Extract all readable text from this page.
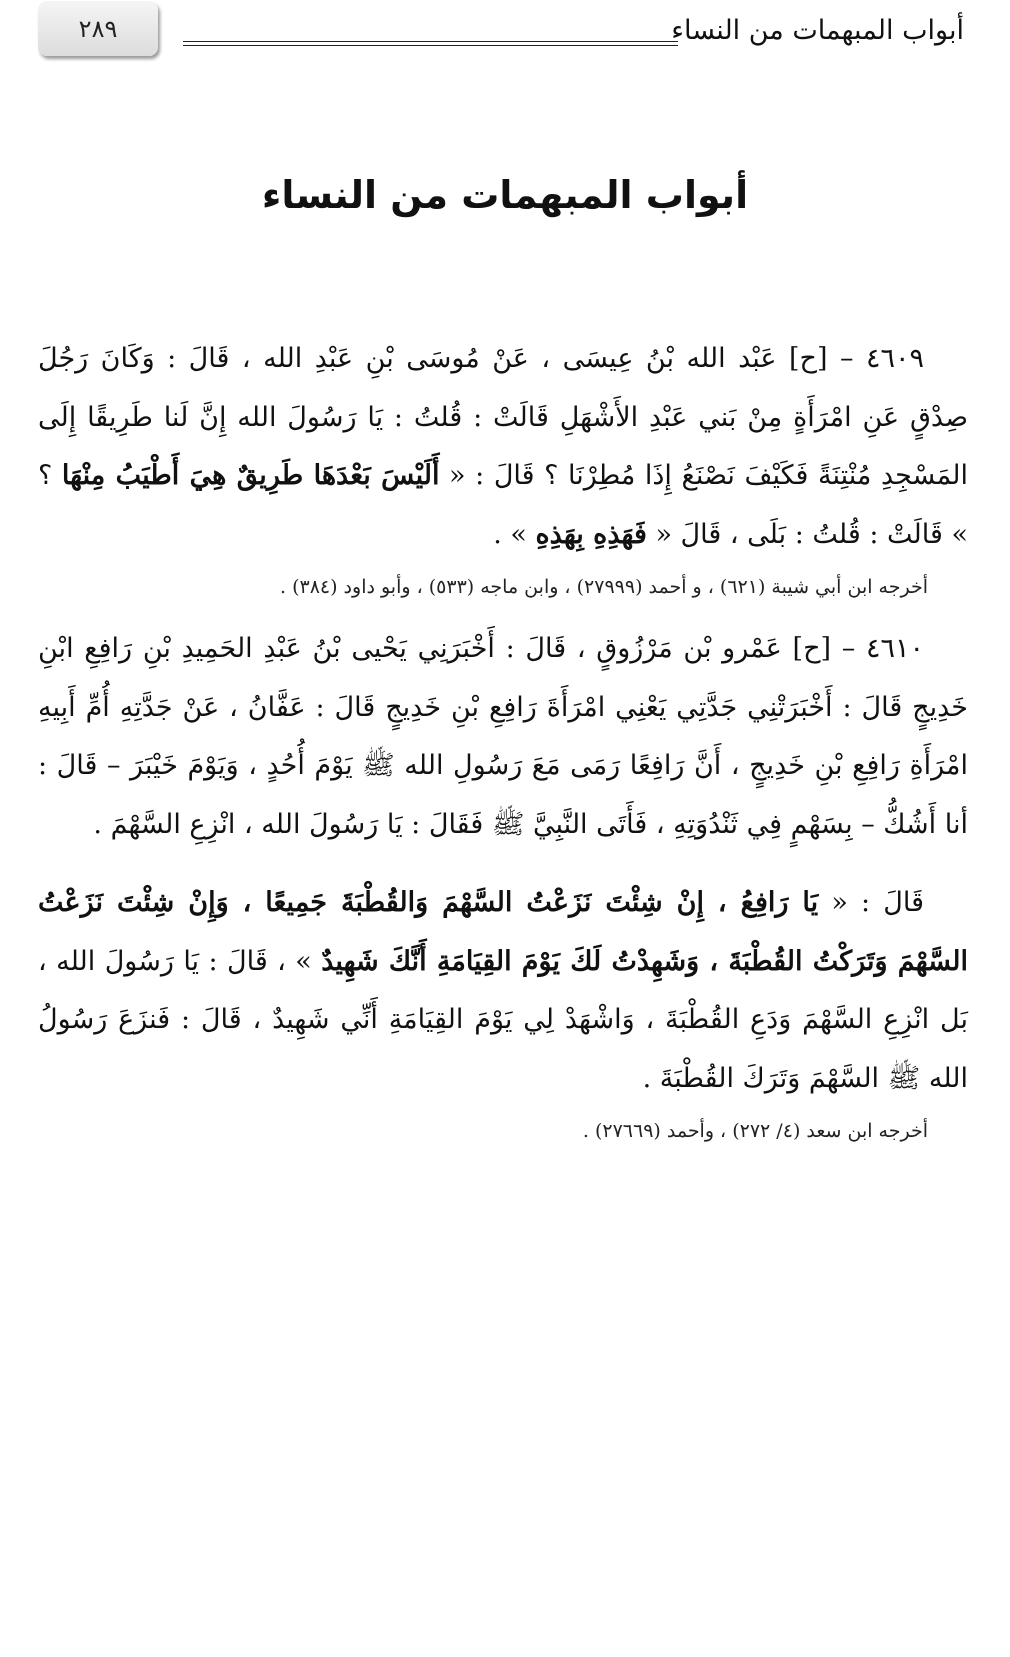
أبواب المبهمات من النساء
٢٨٩
أبواب المبهمات من النساء

٤٦٠٩ – [ح] عَبْد الله بْنُ عِيسَى ، عَنْ مُوسَى بْنِ عَبْدِ الله ، قَالَ : وَكَانَ رَجُلَ صِدْقٍ عَنِ امْرَأَةٍ مِنْ بَني عَبْدِ الأَشْهَلِ قَالَتْ : قُلتُ : يَا رَسُولَ الله إِنَّ لَنا طَرِيقًا إِلَى المَسْجِدِ مُنْتِنَةً فَكَيْفَ نَصْنَعُ إِذَا مُطِرْنَا ؟ قَالَ : « أَلَيْسَ بَعْدَهَا طَرِيقٌ هِيَ أَطْيَبُ مِنْهَا ؟ » قَالَتْ : قُلتُ : بَلَى ، قَالَ « فَهَذِهِ بِهَذِهِ » .

أخرجه ابن أبي شيبة (٦٢١) ، و أحمد (٢٧٩٩٩) ، وابن ماجه (٥٣٣) ، وأبو داود (٣٨٤) .

٤٦١٠ – [ح] عَمْرو بْن مَرْزُوقٍ ، قَالَ : أَخْبَرَنِي يَحْيى بْنُ عَبْدِ الحَمِيدِ بْنِ رَافِعِ ابْنِ خَدِيجٍ قَالَ : أَخْبَرَتْنِي جَدَّتِي يَعْنِي امْرَأَةَ رَافِعِ بْنِ خَدِيجٍ قَالَ : عَفَّانُ ، عَنْ جَدَّتِهِ أُمِّ أَبِيهِ امْرَأَةِ رَافِعِ بْنِ خَدِيجٍ ، أَنَّ رَافِعًا رَمَى مَعَ رَسُولِ الله ﷺ يَوْمَ أُحُدٍ ، وَيَوْمَ خَيْبَرَ – قَالَ : أنا أَشُكُّ – بِسَهْمٍ فِي ثَنْدُوَتِهِ ، فَأَتَى النَّبِيَّ ﷺ فَقَالَ : يَا رَسُولَ الله ، انْزِعِ السَّهْمَ .

قَالَ : « يَا رَافِعُ ، إِنْ شِئْتَ نَزَعْتُ السَّهْمَ وَالقُطْبَةَ جَمِيعًا ، وَإِنْ شِئْتَ نَزَعْتُ السَّهْمَ وَتَرَكْتُ القُطْبَةَ ، وَشَهِدْتُ لَكَ يَوْمَ القِيَامَةِ أَنَّكَ شَهِيدٌ » ، قَالَ : يَا رَسُولَ الله ، بَل انْزِعِ السَّهْمَ وَدَعِ القُطْبَةَ ، وَاشْهَدْ لِي يَوْمَ القِيَامَةِ أَنِّي شَهِيدٌ ، قَالَ : فَنزَعَ رَسُولُ الله ﷺ السَّهْمَ وَتَرَكَ القُطْبَةَ .

أخرجه ابن سعد (٤/ ٢٧٢) ، وأحمد (٢٧٦٦٩) .
